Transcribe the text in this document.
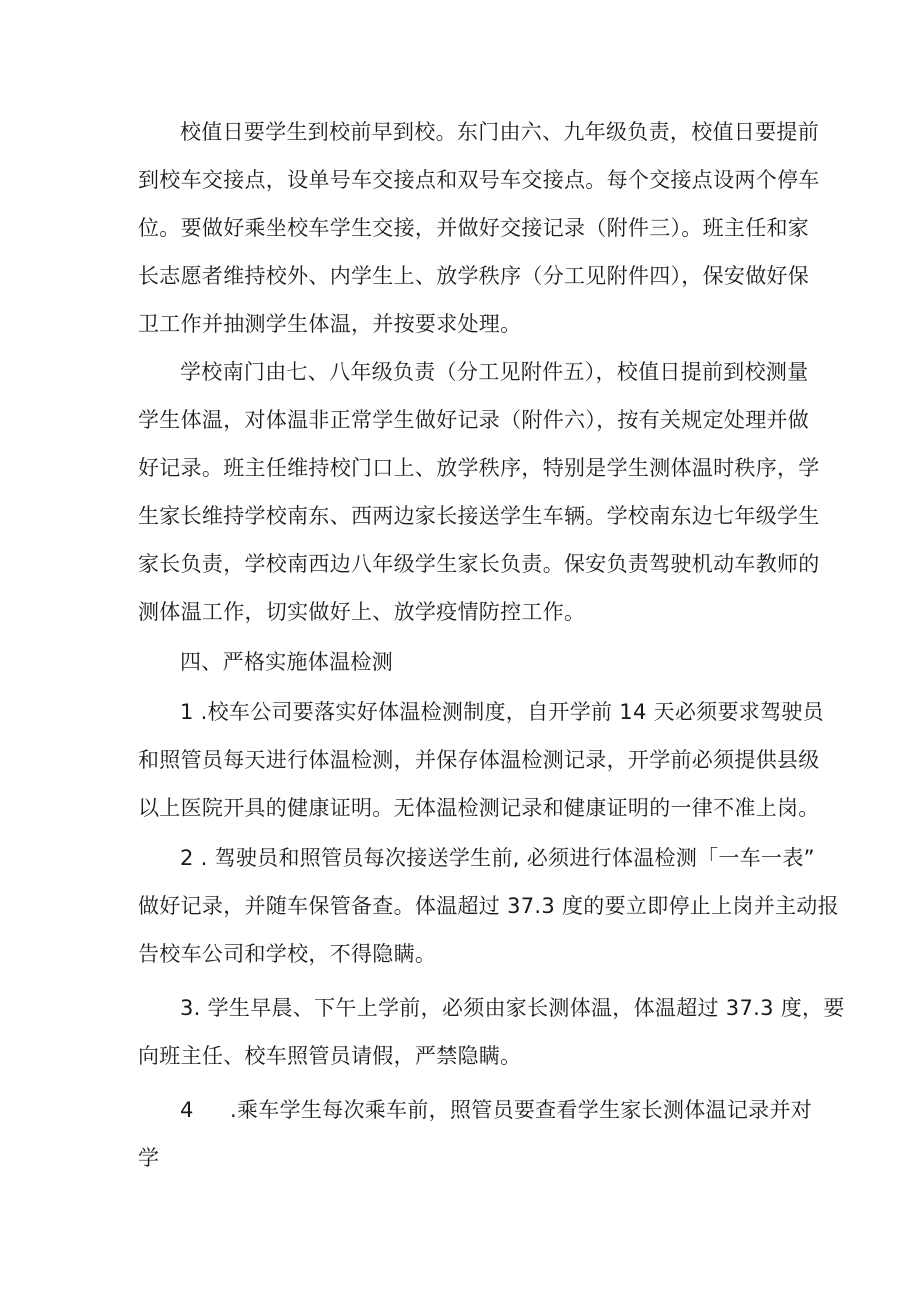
校值日要学生到校前早到校。东门由六、九年级负责，校值日要提前
到校车交接点，设单号车交接点和双号车交接点。每个交接点设两个停车
位。要做好乘坐校车学生交接，并做好交接记录（附件三）。班主任和家
长志愿者维持校外、内学生上、放学秩序（分工见附件四），保安做好保
卫工作并抽测学生体温，并按要求处理。
学校南门由七、八年级负责（分工见附件五），校值日提前到校测量
学生体温，对体温非正常学生做好记录（附件六），按有关规定处理并做
好记录。班主任维持校门口上、放学秩序，特别是学生测体温时秩序，学
生家长维持学校南东、西两边家长接送学生车辆。学校南东边七年级学生
家长负责，学校南西边八年级学生家长负责。保安负责驾驶机动车教师的
测体温工作，切实做好上、放学疫情防控工作。
四、严格实施体温检测
1 .校车公司要落实好体温检测制度，自开学前 14 天必须要求驾驶员
和照管员每天进行体温检测，并保存体温检测记录，开学前必须提供县级
以上医院开具的健康证明。无体温检测记录和健康证明的一律不准上岗。
2 . 驾驶员和照管员每次接送学生前, 必须进行体温检测「一车一表”
做好记录，并随车保管备查。体温超过 37.3 度的要立即停止上岗并主动报
告校车公司和学校，不得隐瞒。
3. 学生早晨、下午上学前，必须由家长测体温，体温超过 37.3 度，要
向班主任、校车照管员请假，严禁隐瞒。
4 .乘车学生每次乘车前，照管员要查看学生家长测体温记录并对
学
